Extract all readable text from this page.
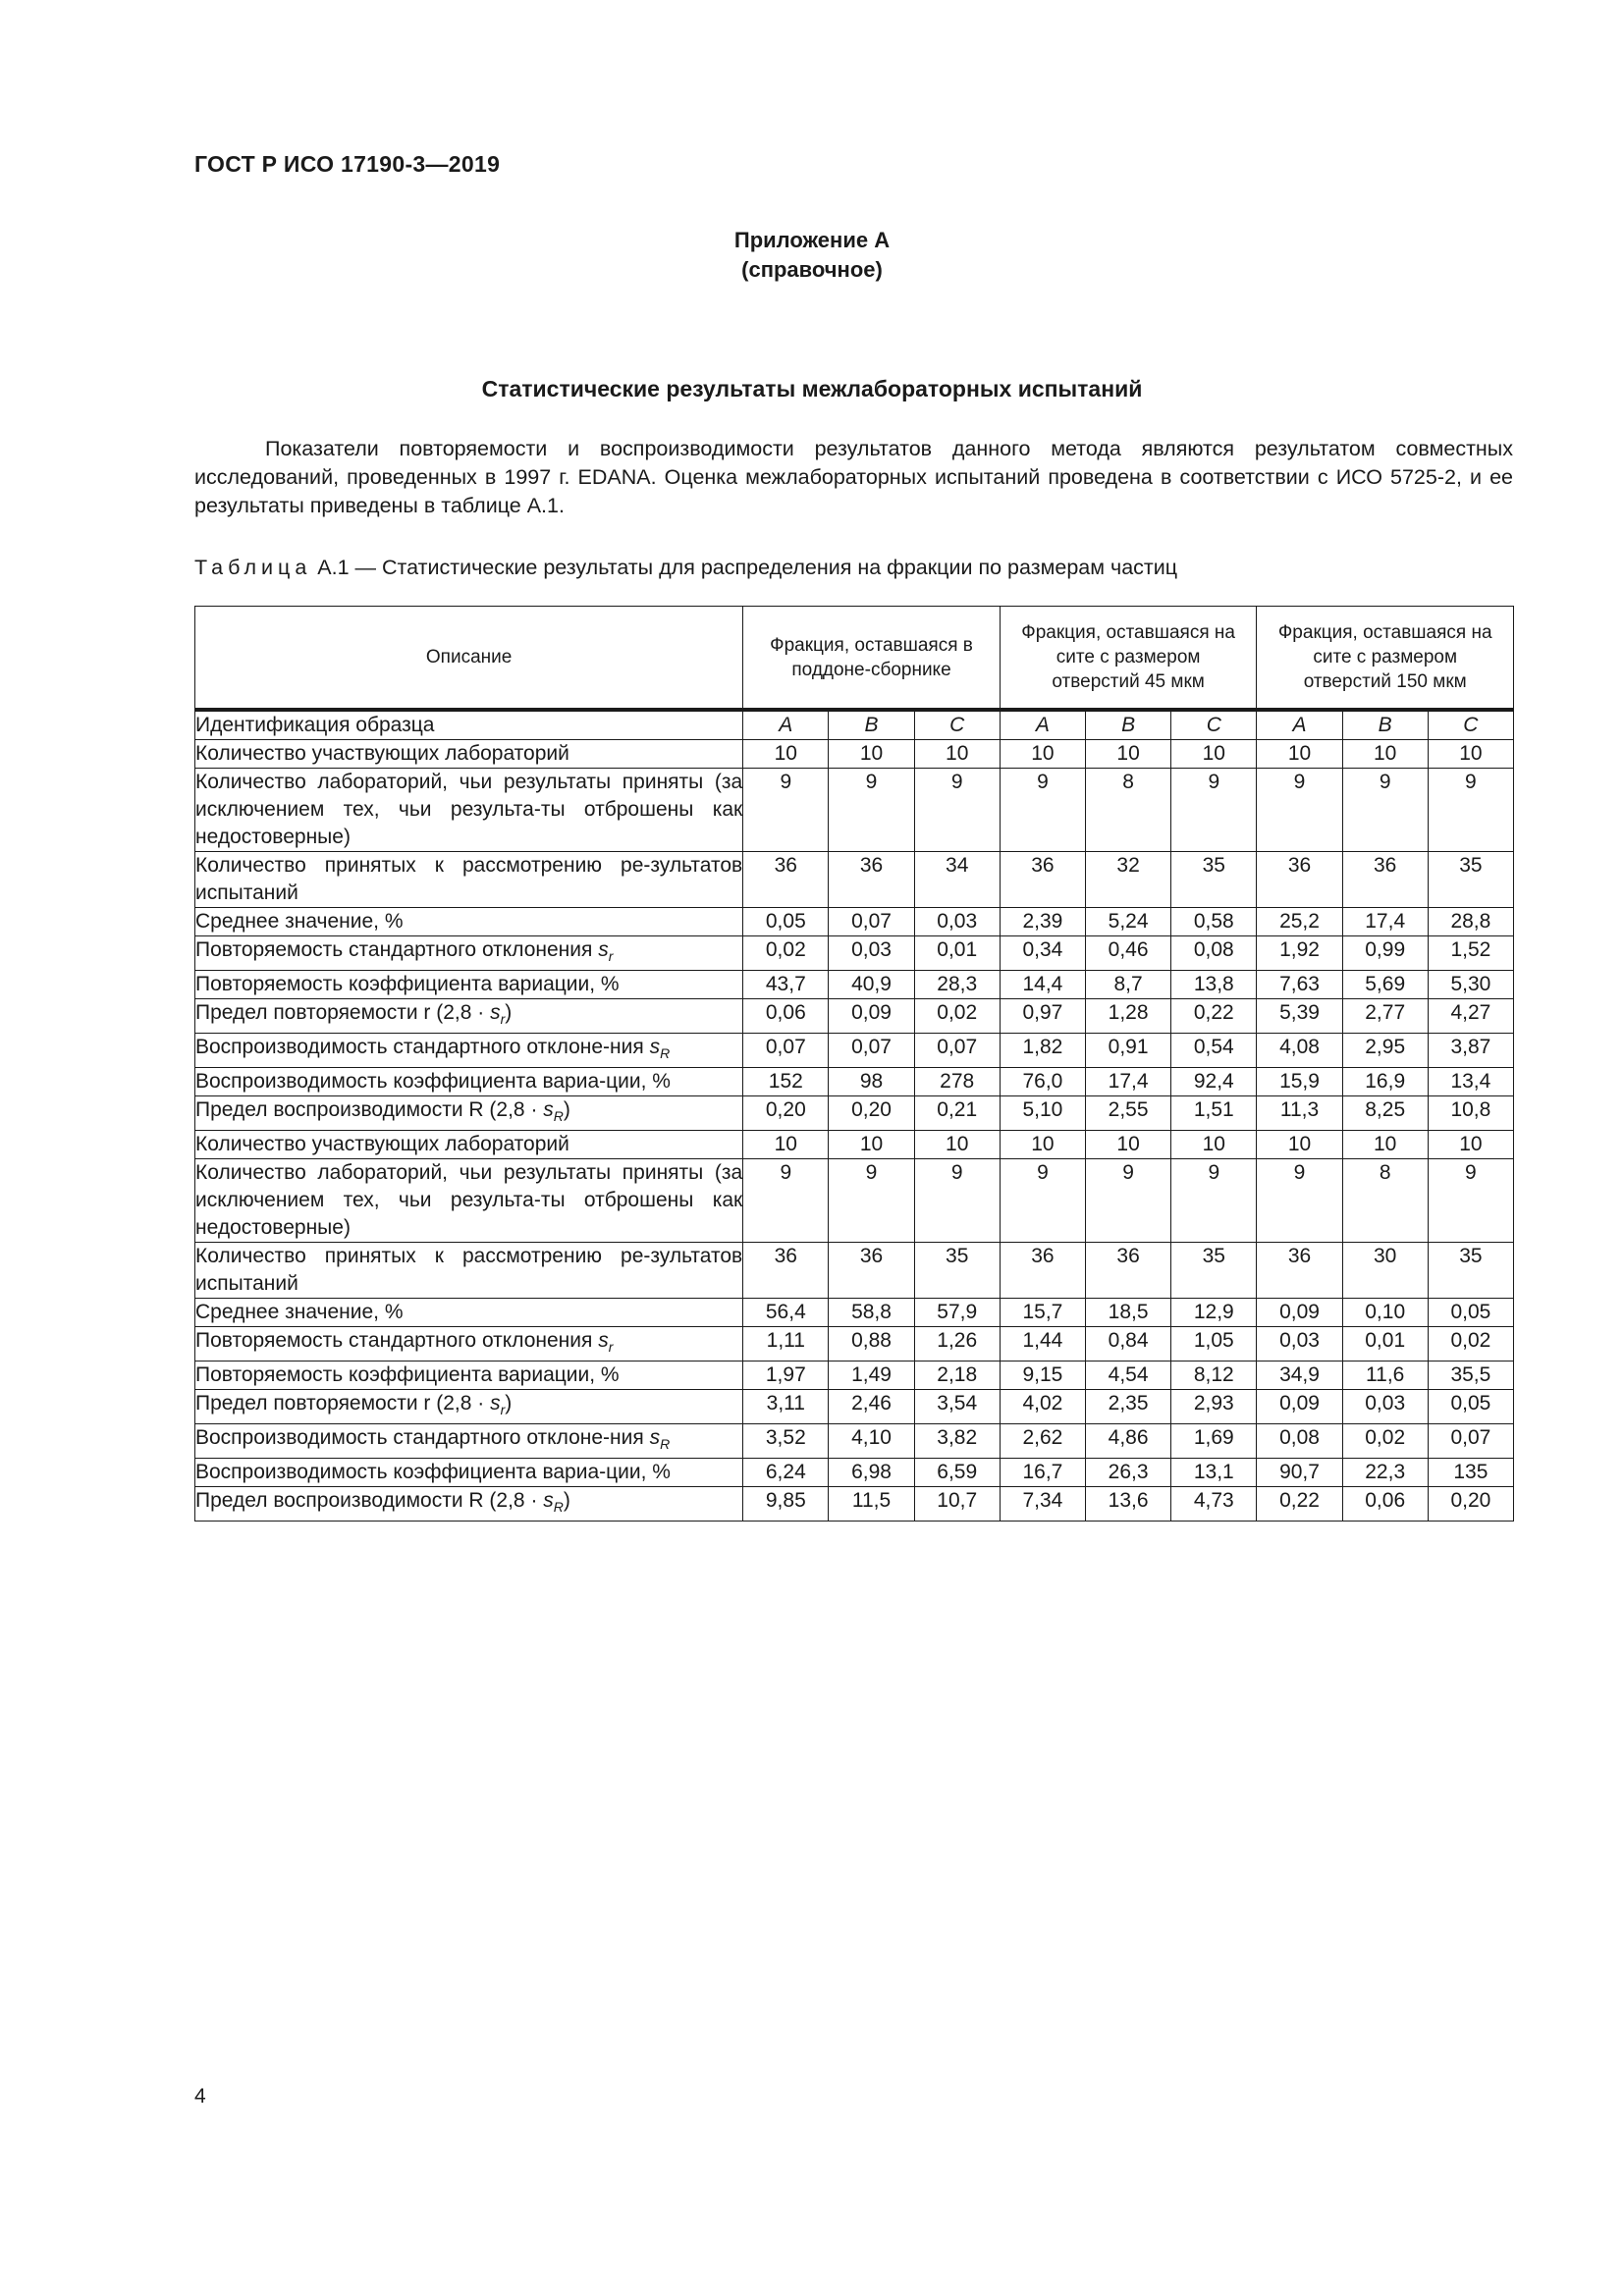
ГОСТ Р ИСО 17190-3—2019
Приложение А
(справочное)
Статистические результаты межлабораторных испытаний

Показатели повторяемости и воспроизводимости результатов данного метода являются результатом совместных исследований, проведенных в 1997 г. EDANA. Оценка межлабораторных испытаний проведена в соответствии с ИСО 5725-2, и ее результаты приведены в таблице А.1.

Таблица А.1 — Статистические результаты для распределения на фракции по размерам частиц
Описание	Фракция, оставшаяся в поддоне-сборнике			Фракция, оставшаяся на сите с размером отверстий 45 мкм			Фракция, оставшаяся на сите с размером отверстий 150 мкм		
Идентификация образца	A	B	C	A	B	C	A	B	C
Количество участвующих лабораторий	10	10	10	10	10	10	10	10	10
Количество лабораторий, чьи результаты приняты (за исключением тех, чьи результа-ты отброшены как недостоверные)	9	9	9	9	8	9	9	9	9
Количество принятых к рассмотрению ре-зультатов испытаний	36	36	34	36	32	35	36	36	35
Среднее значение, %	0,05	0,07	0,03	2,39	5,24	0,58	25,2	17,4	28,8
Повторяемость стандартного отклонения $s_r$	0,02	0,03	0,01	0,34	0,46	0,08	1,92	0,99	1,52
Повторяемость коэффициента вариации, %	43,7	40,9	28,3	14,4	8,7	13,8	7,63	5,69	5,30
Предел повторяемости r $(2,8 \cdot s_r)$	0,06	0,09	0,02	0,97	1,28	0,22	5,39	2,77	4,27
Воспроизводимость стандартного отклоне-ния $s_R$	0,07	0,07	0,07	1,82	0,91	0,54	4,08	2,95	3,87
Воспроизводимость коэффициента вариа-ции, %	152	98	278	76,0	17,4	92,4	15,9	16,9	13,4
Предел воспроизводимости R $(2,8 \cdot s_R)$	0,20	0,20	0,21	5,10	2,55	1,51	11,3	8,25	10,8
Количество участвующих лабораторий	10	10	10	10	10	10	10	10	10
Количество лабораторий, чьи результаты приняты (за исключением тех, чьи результа-ты отброшены как недостоверные)	9	9	9	9	9	9	9	8	9
Количество принятых к рассмотрению ре-зультатов испытаний	36	36	35	36	36	35	36	30	35
Среднее значение, %	56,4	58,8	57,9	15,7	18,5	12,9	0,09	0,10	0,05
Повторяемость стандартного отклонения $s_r$	1,11	0,88	1,26	1,44	0,84	1,05	0,03	0,01	0,02
Повторяемость коэффициента вариации, %	1,97	1,49	2,18	9,15	4,54	8,12	34,9	11,6	35,5
Предел повторяемости r $(2,8 \cdot s_r)$	3,11	2,46	3,54	4,02	2,35	2,93	0,09	0,03	0,05
Воспроизводимость стандартного отклоне-ния $s_R$	3,52	4,10	3,82	2,62	4,86	1,69	0,08	0,02	0,07
Воспроизводимость коэффициента вариа-ции, %	6,24	6,98	6,59	16,7	26,3	13,1	90,7	22,3	135
Предел воспроизводимости R $(2,8 \cdot s_R)$	9,85	11,5	10,7	7,34	13,6	4,73	0,22	0,06	0,20
4
